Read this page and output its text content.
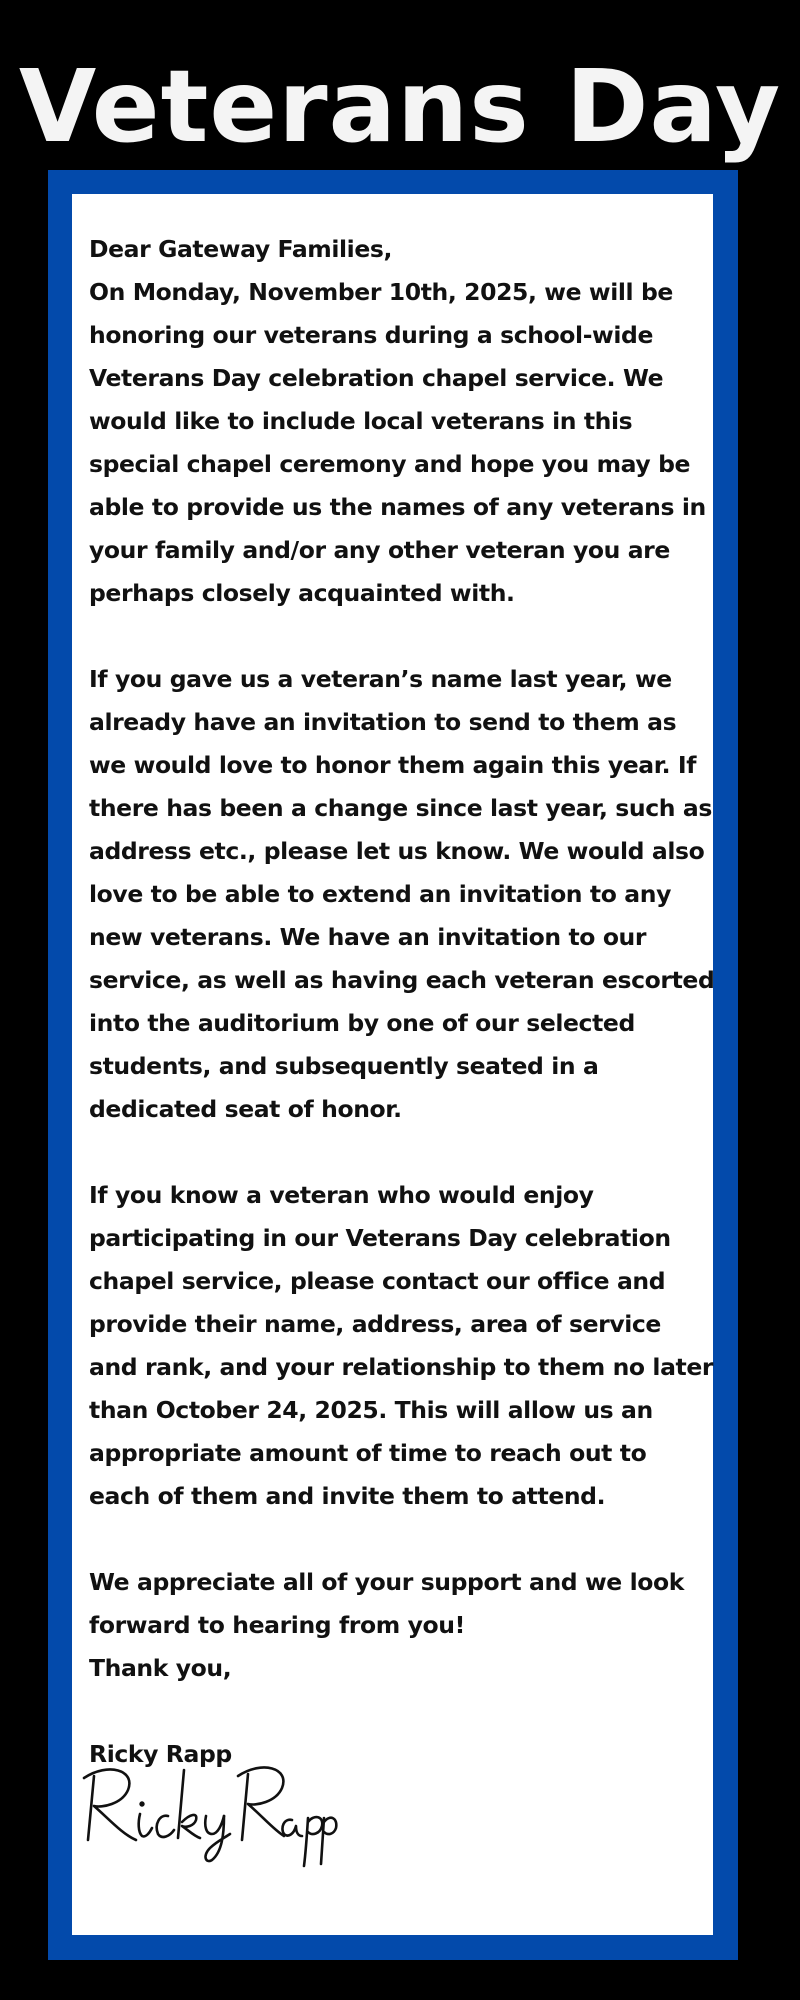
Veterans Day

Dear Gateway Families,

On Monday, November 10th, 2025, we will be honoring our veterans during a school-wide Veterans Day celebration chapel service. We would like to include local veterans in this special chapel ceremony and hope you may be able to provide us the names of any veterans in your family and/or any other veteran you are perhaps closely acquainted with.

If you gave us a veteran’s name last year, we already have an invitation to send to them as we would love to honor them again this year. If there has been a change since last year, such as address etc., please let us know. We would also love to be able to extend an invitation to any new veterans. We have an invitation to our service, as well as having each veteran escorted into the auditorium by one of our selected students, and subsequently seated in a dedicated seat of honor.

If you know a veteran who would enjoy participating in our Veterans Day celebration chapel service, please contact our office and provide their name, address, area of service and rank, and your relationship to them no later than October 24, 2025. This will allow us an appropriate amount of time to reach out to each of them and invite them to attend.

We appreciate all of your support and we look forward to hearing from you!

Thank you,

Ricky Rapp
